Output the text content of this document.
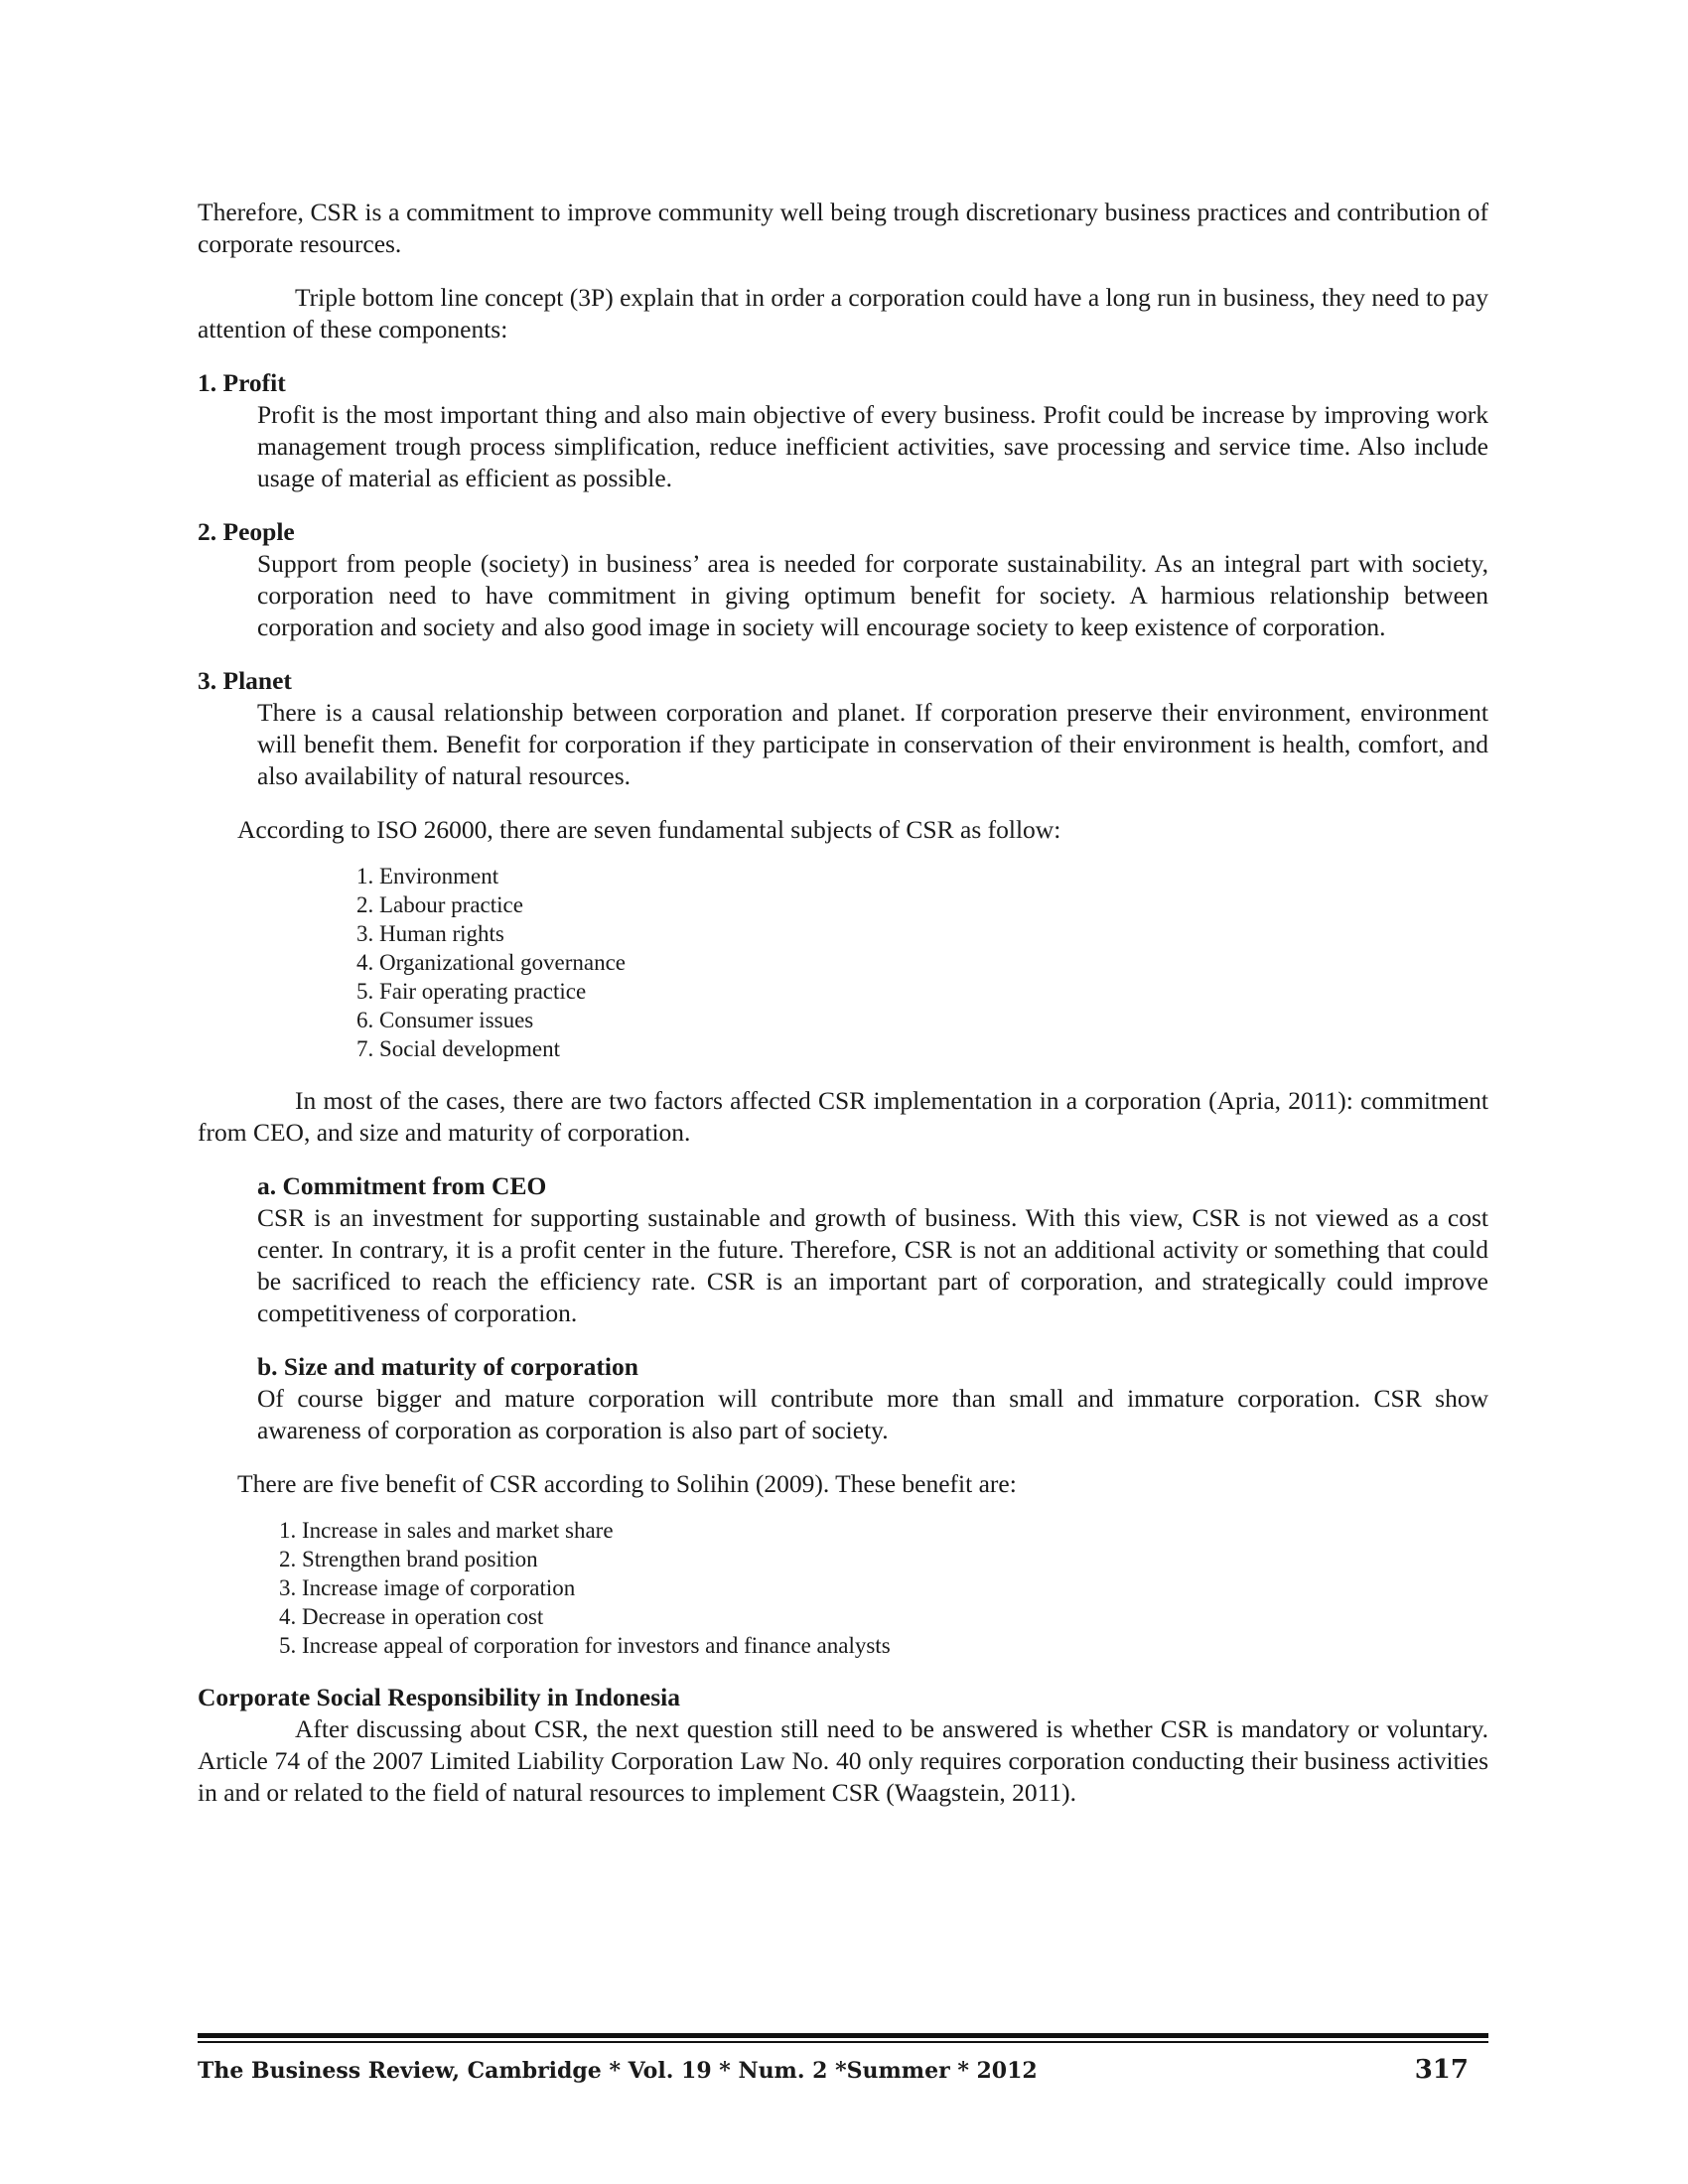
Therefore, CSR is a commitment to improve community well being trough discretionary business practices and contribution of corporate resources.

Triple bottom line concept (3P) explain that in order a corporation could have a long run in business, they need to pay attention of these components:

1. Profit

Profit is the most important thing and also main objective of every business. Profit could be increase by improving work management trough process simplification, reduce inefficient activities, save processing and service time. Also include usage of material as efficient as possible.

2. People

Support from people (society) in business’ area is needed for corporate sustainability. As an integral part with society, corporation need to have commitment in giving optimum benefit for society. A harmious relationship between corporation and society and also good image in society will encourage society to keep existence of corporation.

3. Planet

There is a causal relationship between corporation and planet. If corporation preserve their environment, environment will benefit them. Benefit for corporation if they participate in conservation of their environment is health, comfort, and also availability of natural resources.

According to ISO 26000, there are seven fundamental subjects of CSR as follow:

1. Environment
2. Labour practice
3. Human rights
4. Organizational governance
5. Fair operating practice
6. Consumer issues
7. Social development

In most of the cases, there are two factors affected CSR implementation in a corporation (Apria, 2011): commitment from CEO, and size and maturity of corporation.

a. Commitment from CEO

CSR is an investment for supporting sustainable and growth of business. With this view, CSR is not viewed as a cost center. In contrary, it is a profit center in the future. Therefore, CSR is not an additional activity or something that could be sacrificed to reach the efficiency rate. CSR is an important part of corporation, and strategically could improve competitiveness of corporation.

b. Size and maturity of corporation

Of course bigger and mature corporation will contribute more than small and immature corporation. CSR show awareness of corporation as corporation is also part of society.

There are five benefit of CSR according to Solihin (2009). These benefit are:

1. Increase in sales and market share
2. Strengthen brand position
3. Increase image of corporation
4. Decrease in operation cost
5. Increase appeal of corporation for investors and finance analysts

Corporate Social Responsibility in Indonesia

After discussing about CSR, the next question still need to be answered is whether CSR is mandatory or voluntary. Article 74 of the 2007 Limited Liability Corporation Law No. 40 only requires corporation conducting their business activities in and or related to the field of natural resources to implement CSR (Waagstein, 2011).

The Business Review, Cambridge * Vol. 19 * Num. 2 *Summer * 2012	317
